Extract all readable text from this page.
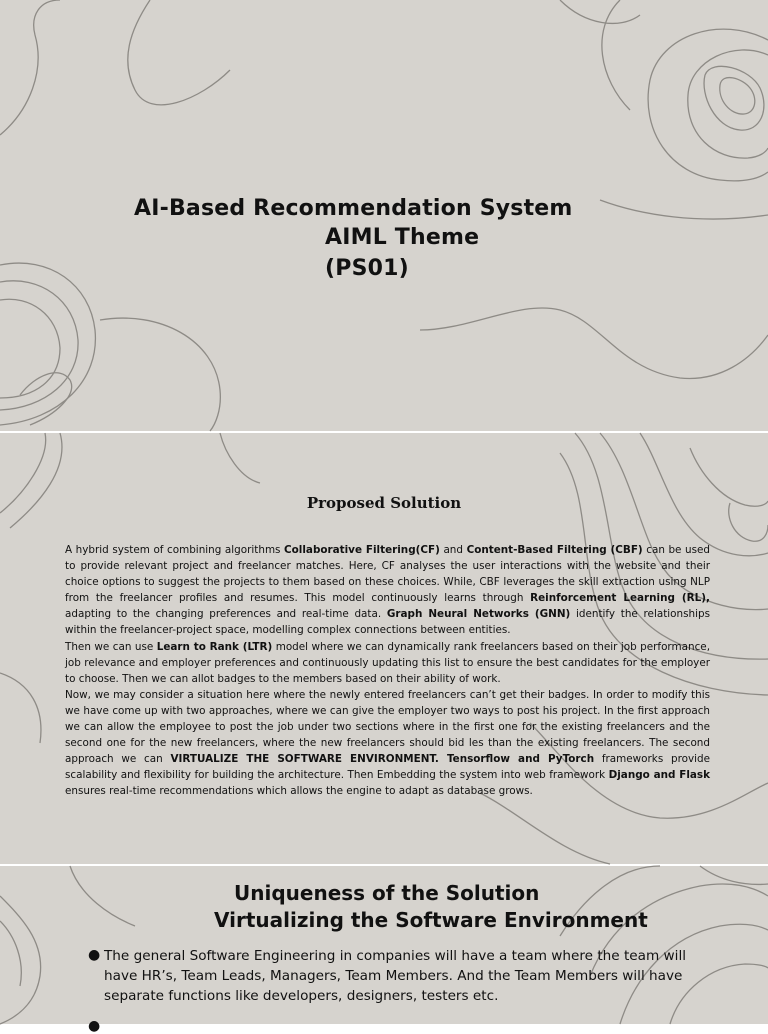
AI-Based Recommendation System
AIML Theme
(PS01)
Proposed Solution

A hybrid system of combining algorithms Collaborative Filtering(CF) and Content-Based Filtering (CBF) can be used to provide relevant project and freelancer matches. Here, CF analyses the user interactions with the website and their choice options to suggest the projects to them based on these choices. While, CBF leverages the skill extraction using NLP from the freelancer profiles and resumes. This model continuously learns through Reinforcement Learning (RL), adapting to the changing preferences and real-time data. Graph Neural Networks (GNN) identify the relationships within the freelancer-project space, modelling complex connections between entities.

Then we can use Learn to Rank (LTR) model where we can dynamically rank freelancers based on their job performance, job relevance and employer preferences and continuously updating this list to ensure the best candidates for the employer to choose. Then we can allot badges to the members based on their ability of work.

Now, we may consider a situation here where the newly entered freelancers can’t get their badges. In order to modify this we have come up with two approaches, where we can give the employer two ways to post his project. In the first approach we can allow the employee to post the job under two sections where in the first one for the existing freelancers and the second one for the new freelancers, where the new freelancers should bid les than the existing freelancers. The second approach we can VIRTUALIZE THE SOFTWARE ENVIRONMENT. Tensorflow and PyTorch frameworks provide scalability and flexibility for building the architecture. Then Embedding the system into web framework Django and Flask ensures real-time recommendations which allows the engine to adapt as database grows.

Uniqueness of the Solution
Virtualizing the Software Environment
● The general Software Engineering in companies will have a team where the team will have HR’s, Team Leads, Managers, Team Members. And the Team Members will have separate functions like developers, designers, testers etc.
●
